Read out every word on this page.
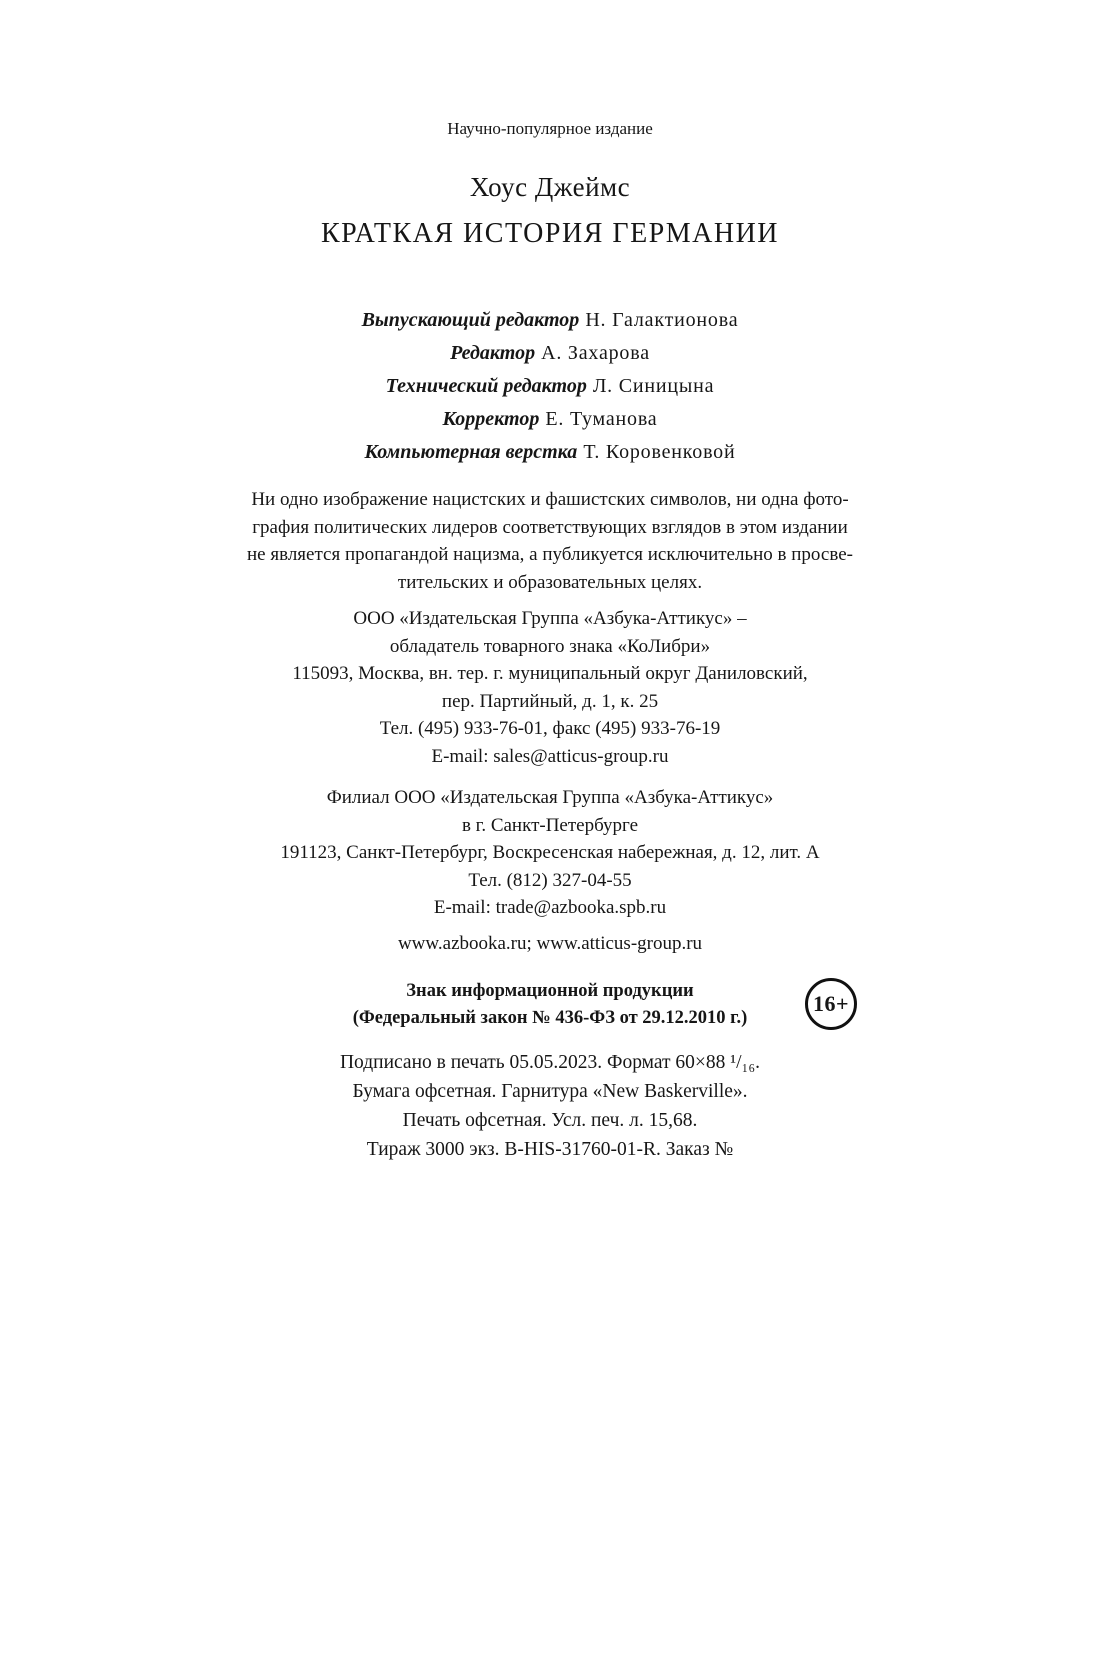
Научно-популярное издание
Хоус Джеймс
КРАТКАЯ ИСТОРИЯ ГЕРМАНИИ
Выпускающий редактор Н. Галактионова
Редактор А. Захарова
Технический редактор Л. Синицына
Корректор Е. Туманова
Компьютерная верстка Т. Коровенковой
Ни одно изображение нацистских и фашистских символов, ни одна фото-
графия политических лидеров соответствующих взглядов в этом издании
не является пропагандой нацизма, а публикуется исключительно в просве-
тительских и образовательных целях.
ООО «Издательская Группа «Азбука-Аттикус» –
обладатель товарного знака «КоЛибри»
115093, Москва, вн. тер. г. муниципальный округ Даниловский,
пер. Партийный, д. 1, к. 25
Тел. (495) 933-76-01, факс (495) 933-76-19
E-mail: sales@atticus-group.ru
Филиал ООО «Издательская Группа «Азбука-Аттикус»
в г. Санкт-Петербурге
191123, Санкт-Петербург, Воскресенская набережная, д. 12, лит. А
Тел. (812) 327-04-55
E-mail: trade@azbooka.spb.ru
www.azbooka.ru; www.atticus-group.ru
Знак информационной продукции
(Федеральный закон № 436-ФЗ от 29.12.2010 г.)
16+
Подписано в печать 05.05.2023. Формат 60×88 ¹/₁₆.
Бумага офсетная. Гарнитура «New Baskerville».
Печать офсетная. Усл. печ. л. 15,68.
Тираж 3000 экз. B-HIS-31760-01-R. Заказ №
